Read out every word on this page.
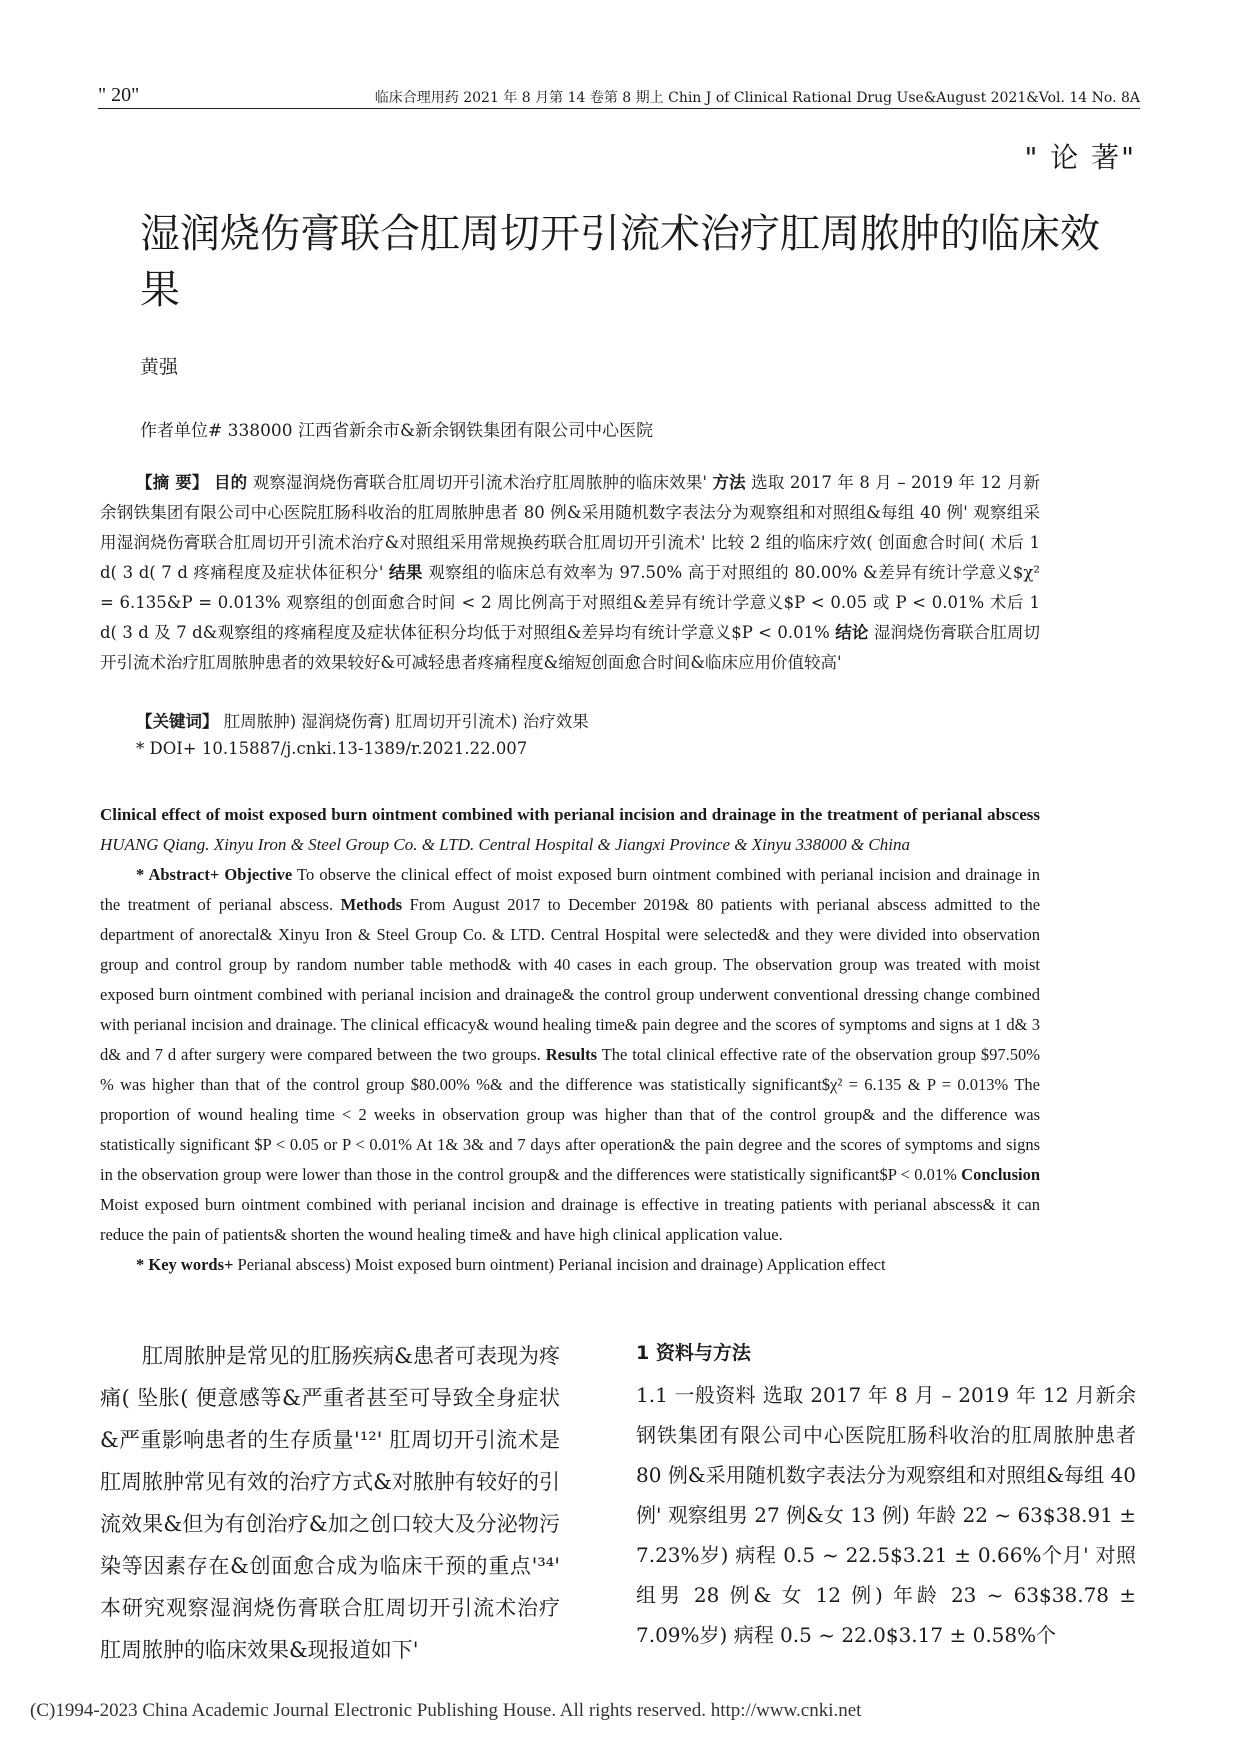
" 20"	临床合理用药 2021 年 8 月第 14 卷第 8 期上 Chin J of Clinical Rational Drug Use&August 2021&Vol. 14 No. 8A
" 论 著"
湿润烧伤膏联合肛周切开引流术治疗肛周脓肿的临床效果
黄强
作者单位# 338000 江西省新余市&新余钢铁集团有限公司中心医院
【摘 要】 目的 观察湿润烧伤膏联合肛周切开引流术治疗肛周脓肿的临床效果' 方法 选取 2017 年 8 月 – 2019 年 12 月新余钢铁集团有限公司中心医院肛肠科收治的肛周脓肿患者 80 例&采用随机数字表法分为观察组和对照组&每组 40 例' 观察组采用湿润烧伤膏联合肛周切开引流术治疗&对照组采用常规换药联合肛周切开引流术' 比较 2 组的临床疗效( 创面愈合时间( 术后 1 d( 3 d( 7 d 疼痛程度及症状体征积分' 结果 观察组的临床总有效率为 97.50% 高于对照组的 80.00% &差异有统计学意义$χ² = 6.135&P = 0.013% 观察组的创面愈合时间 < 2 周比例高于对照组&差异有统计学意义$P < 0.05 或 P < 0.01% 术后 1 d( 3 d 及 7 d&观察组的疼痛程度及症状体征积分均低于对照组&差异均有统计学意义$P < 0.01% 结论 湿润烧伤膏联合肛周切开引流术治疗肛周脓肿患者的效果较好&可减轻患者疼痛程度&缩短创面愈合时间&临床应用价值较高'
【关键词】 肛周脓肿) 湿润烧伤膏) 肛周切开引流术) 治疗效果
* DOI+ 10.15887/j.cnki.13-1389/r.2021.22.007
Clinical effect of moist exposed burn ointment combined with perianal incision and drainage in the treatment of perianal abscess HUANG Qiang. Xinyu Iron & Steel Group Co. & LTD. Central Hospital & Jiangxi Province & Xinyu 338000 & China
* Abstract+ Objective To observe the clinical effect of moist exposed burn ointment combined with perianal incision and drainage in the treatment of perianal abscess. Methods From August 2017 to December 2019& 80 patients with perianal abscess admitted to the department of anorectal& Xinyu Iron & Steel Group Co. & LTD. Central Hospital were selected& and they were divided into observation group and control group by random number table method& with 40 cases in each group. The observation group was treated with moist exposed burn ointment combined with perianal incision and drainage& the control group underwent conventional dressing change combined with perianal incision and drainage. The clinical efficacy& wound healing time& pain degree and the scores of symptoms and signs at 1 d& 3 d& and 7 d after surgery were compared between the two groups. Results The total clinical effective rate of the observation group $97.50% % was higher than that of the control group $80.00% %& and the difference was statistically significant$χ² = 6.135 & P = 0.013% The proportion of wound healing time < 2 weeks in observation group was higher than that of the control group& and the difference was statistically significant $P < 0.05 or P < 0.01% At 1& 3& and 7 days after operation& the pain degree and the scores of symptoms and signs in the observation group were lower than those in the control group& and the differences were statistically significant$P < 0.01% Conclusion Moist exposed burn ointment combined with perianal incision and drainage is effective in treating patients with perianal abscess& it can reduce the pain of patients& shorten the wound healing time& and have high clinical application value.
* Key words+ Perianal abscess) Moist exposed burn ointment) Perianal incision and drainage) Application effect
肛周脓肿是常见的肛肠疾病&患者可表现为疼痛( 坠胀( 便意感等&严重者甚至可导致全身症状&严重影响患者的生存质量'¹²' 肛周切开引流术是肛周脓肿常见有效的治疗方式&对脓肿有较好的引流效果&但为有创治疗&加之创口较大及分泌物污染等因素存在&创面愈合成为临床干预的重点'³⁴' 本研究观察湿润烧伤膏联合肛周切开引流术治疗肛周脓肿的临床效果&现报道如下'
1 资料与方法
1.1 一般资料 选取 2017 年 8 月 – 2019 年 12 月新余钢铁集团有限公司中心医院肛肠科收治的肛周脓肿患者 80 例&采用随机数字表法分为观察组和对照组&每组 40 例' 观察组男 27 例&女 13 例) 年龄 22 ~ 63$38.91 ± 7.23%岁) 病程 0.5 ~ 22.5$3.21 ± 0.66%个月' 对照组男 28 例& 女 12 例) 年龄 23 ~ 63$38.78 ± 7.09%岁) 病程 0.5 ~ 22.0$3.17 ± 0.58%个
(C)1994-2023 China Academic Journal Electronic Publishing House. All rights reserved. http://www.cnki.net
